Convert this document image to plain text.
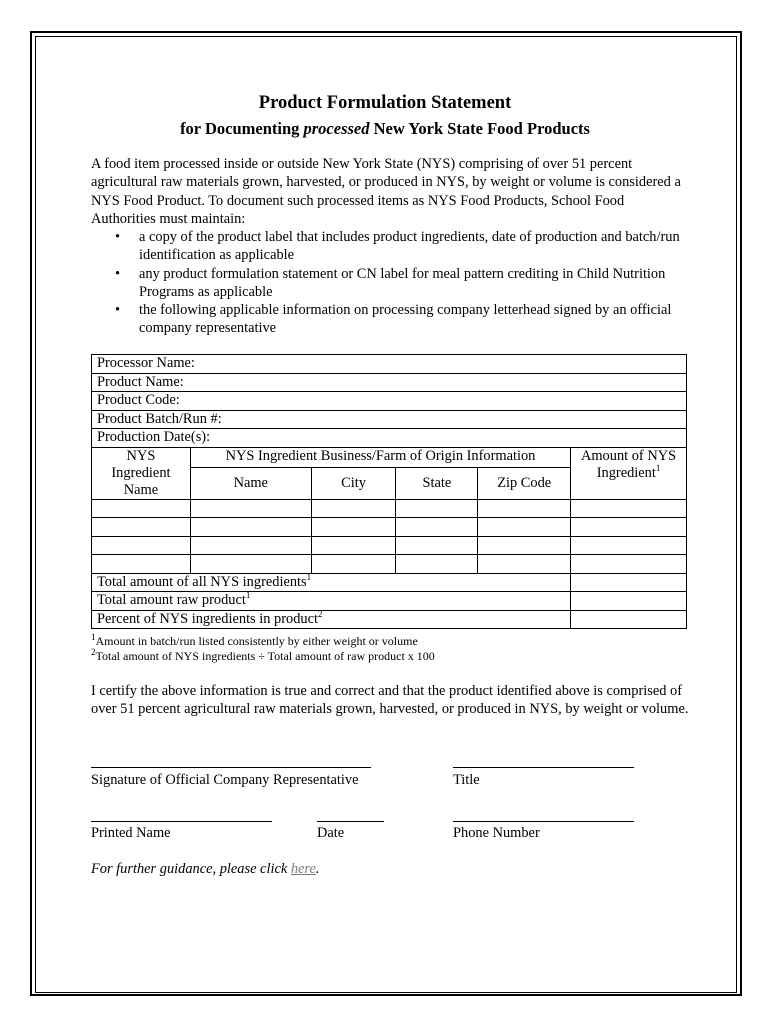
Product Formulation Statement
for Documenting processed New York State Food Products
A food item processed inside or outside New York State (NYS) comprising of over 51 percent agricultural raw materials grown, harvested, or produced in NYS, by weight or volume is considered a NYS Food Product. To document such processed items as NYS Food Products, School Food Authorities must maintain:
• a copy of the product label that includes product ingredients, date of production and batch/run identification as applicable
• any product formulation statement or CN label for meal pattern crediting in Child Nutrition Programs as applicable
• the following applicable information on processing company letterhead signed by an official company representative
Processor Name:					
Product Name:					
Product Code:					
Product Batch/Run #:					
Production Date(s):					
NYS Ingredient Name	NYS Ingredient Business/Farm of Origin Information				Amount of NYS Ingredient$^1$
	Name	City	State	Zip Code	

Total amount of all NYS ingredients$^1$	
Total amount raw product$^1$	
Percent of NYS ingredients in product$^2$	
$^1$Amount in batch/run listed consistently by either weight or volume
$^2$Total amount of NYS ingredients ÷ Total amount of raw product x 100
I certify the above information is true and correct and that the product identified above is comprised of over 51 percent agricultural raw materials grown, harvested, or produced in NYS, by weight or volume.
Signature of Official Company Representative	Title
Printed Name	Date	Phone Number
For further guidance, please click here.
